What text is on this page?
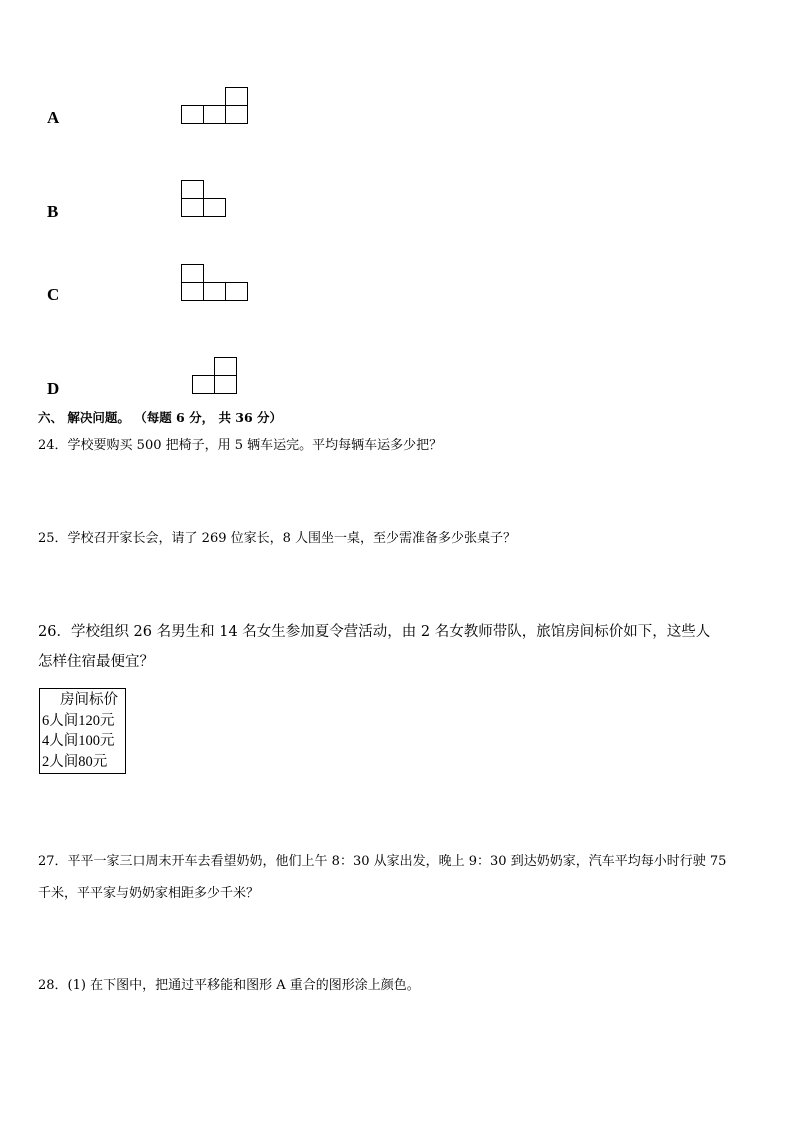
A
B
C
D
六、 解决问题。 （每题 6 分， 共 36 分）
24．学校要购买 500 把椅子，用 5 辆车运完。平均每辆车运多少把？
25．学校召开家长会，请了 269 位家长，8 人围坐一桌，至少需准备多少张桌子？
26．学校组织 26 名男生和 14 名女生参加夏令营活动，由 2 名女教师带队，旅馆房间标价如下，这些人
怎样住宿最便宜？
房间标价
6人间120元
4人间100元
2人间80元
27．平平一家三口周末开车去看望奶奶，他们上午 8：30 从家出发，晚上 9：30 到达奶奶家，汽车平均每小时行驶 75
千米，平平家与奶奶家相距多少千米？
28．(1) 在下图中，把通过平移能和图形 A 重合的图形涂上颜色。
